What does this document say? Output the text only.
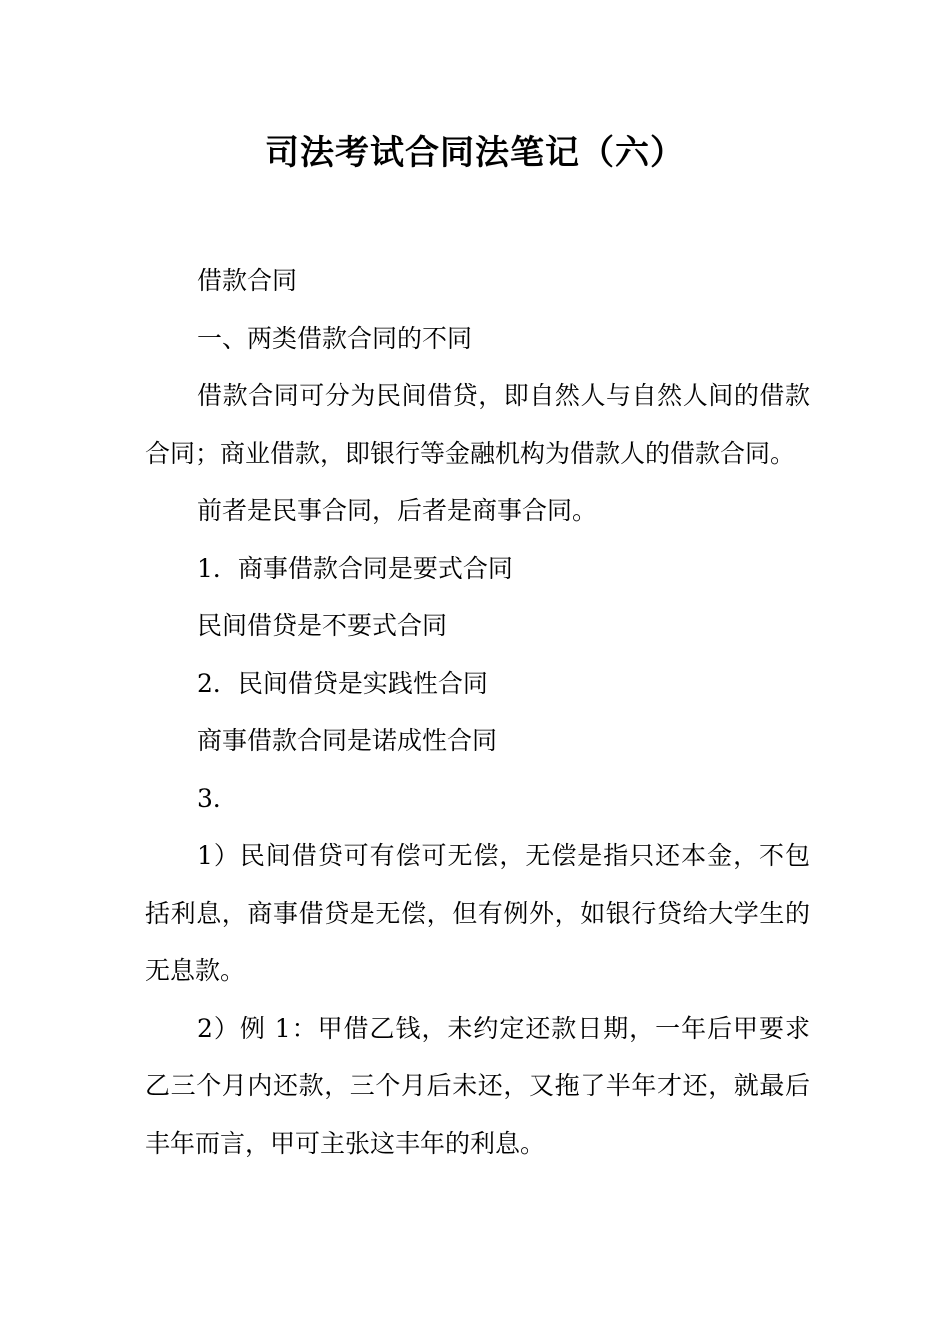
司法考试合同法笔记（六）

借款合同

一、两类借款合同的不同

借款合同可分为民间借贷，即自然人与自然人间的借款合同；商业借款，即银行等金融机构为借款人的借款合同。

前者是民事合同，后者是商事合同。

1．商事借款合同是要式合同

民间借贷是不要式合同

2．民间借贷是实践性合同

商事借款合同是诺成性合同

3．

1）民间借贷可有偿可无偿，无偿是指只还本金，不包括利息，商事借贷是无偿，但有例外，如银行贷给大学生的无息款。

2）例 1：甲借乙钱，未约定还款日期，一年后甲要求乙三个月内还款，三个月后未还，又拖了半年才还，就最后丰年而言，甲可主张这丰年的利息。
